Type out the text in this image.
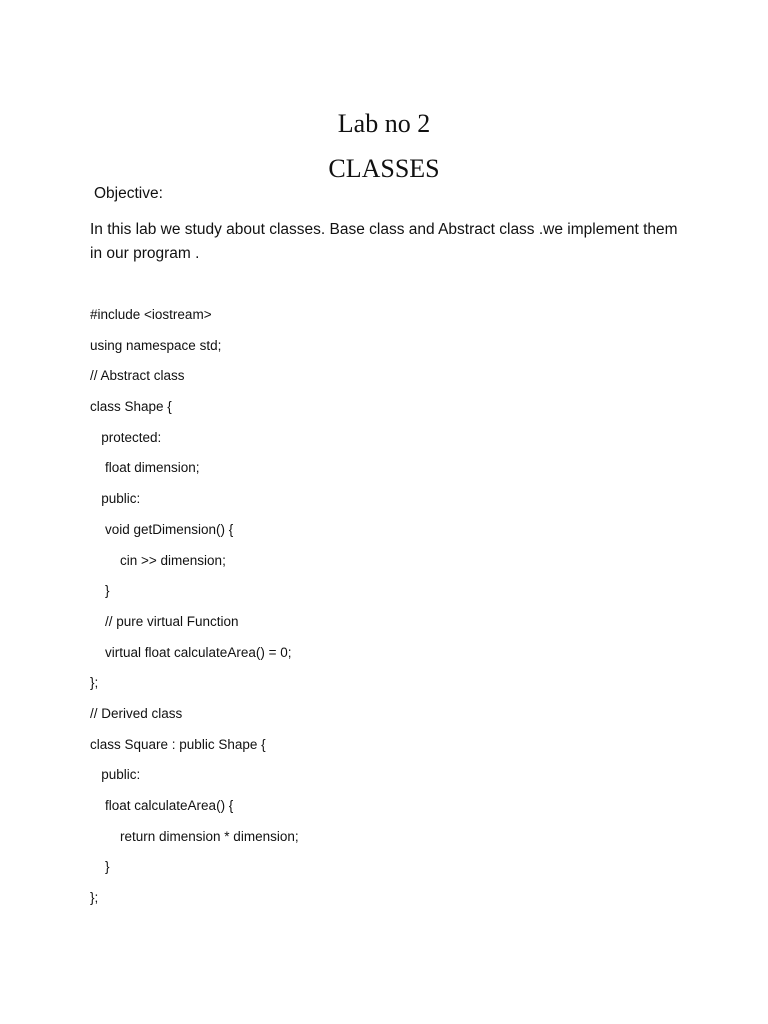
Lab no 2
CLASSES
Objective:
In this lab we study about classes. Base class and Abstract class .we implement them in our program .
#include <iostream>
using namespace std;
// Abstract class
class Shape {
protected:
float dimension;
public:
void getDimension() {
cin >> dimension;
}
// pure virtual Function
virtual float calculateArea() = 0;
};
// Derived class
class Square : public Shape {
public:
float calculateArea() {
return dimension * dimension;
}
};
